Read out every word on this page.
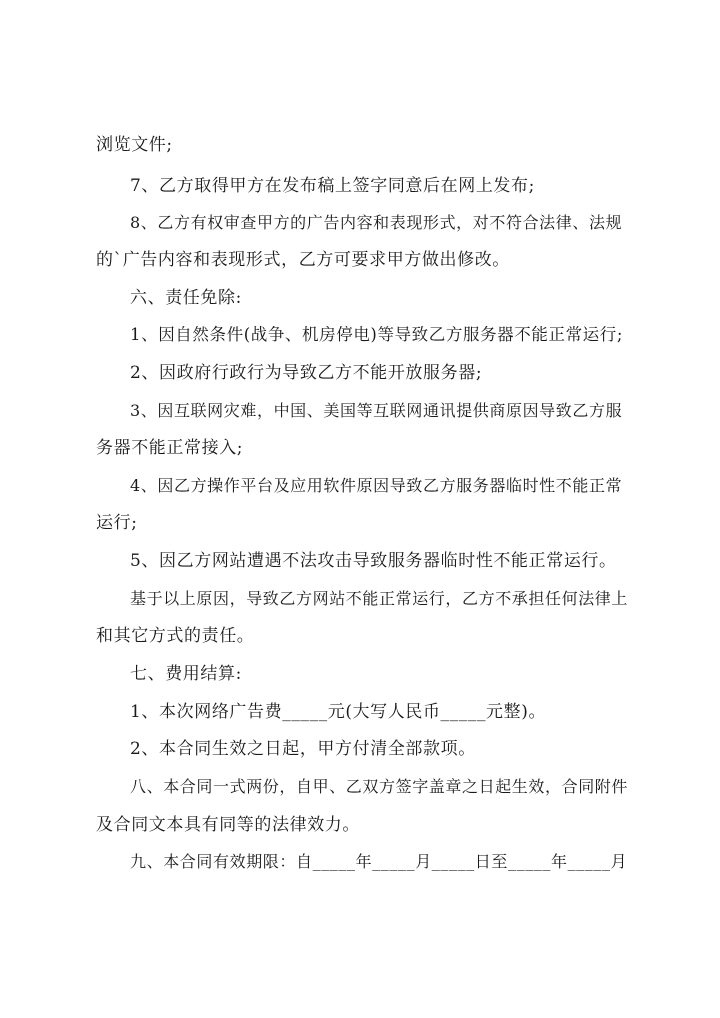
浏览文件;
7、乙方取得甲方在发布稿上签字同意后在网上发布;
8、乙方有权审查甲方的广告内容和表现形式，对不符合法律、法规
的`广告内容和表现形式，乙方可要求甲方做出修改。
六、责任免除:
1、因自然条件(战争、机房停电)等导致乙方服务器不能正常运行;
2、因政府行政行为导致乙方不能开放服务器;
3、因互联网灾难，中国、美国等互联网通讯提供商原因导致乙方服
务器不能正常接入;
4、因乙方操作平台及应用软件原因导致乙方服务器临时性不能正常
运行;
5、因乙方网站遭遇不法攻击导致服务器临时性不能正常运行。
基于以上原因，导致乙方网站不能正常运行，乙方不承担任何法律上
和其它方式的责任。
七、费用结算:
1、本次网络广告费_____元(大写人民币_____元整)。
2、本合同生效之日起，甲方付清全部款项。
八、本合同一式两份，自甲、乙双方签字盖章之日起生效，合同附件
及合同文本具有同等的法律效力。
九、本合同有效期限：自_____年_____月_____日至_____年_____月
